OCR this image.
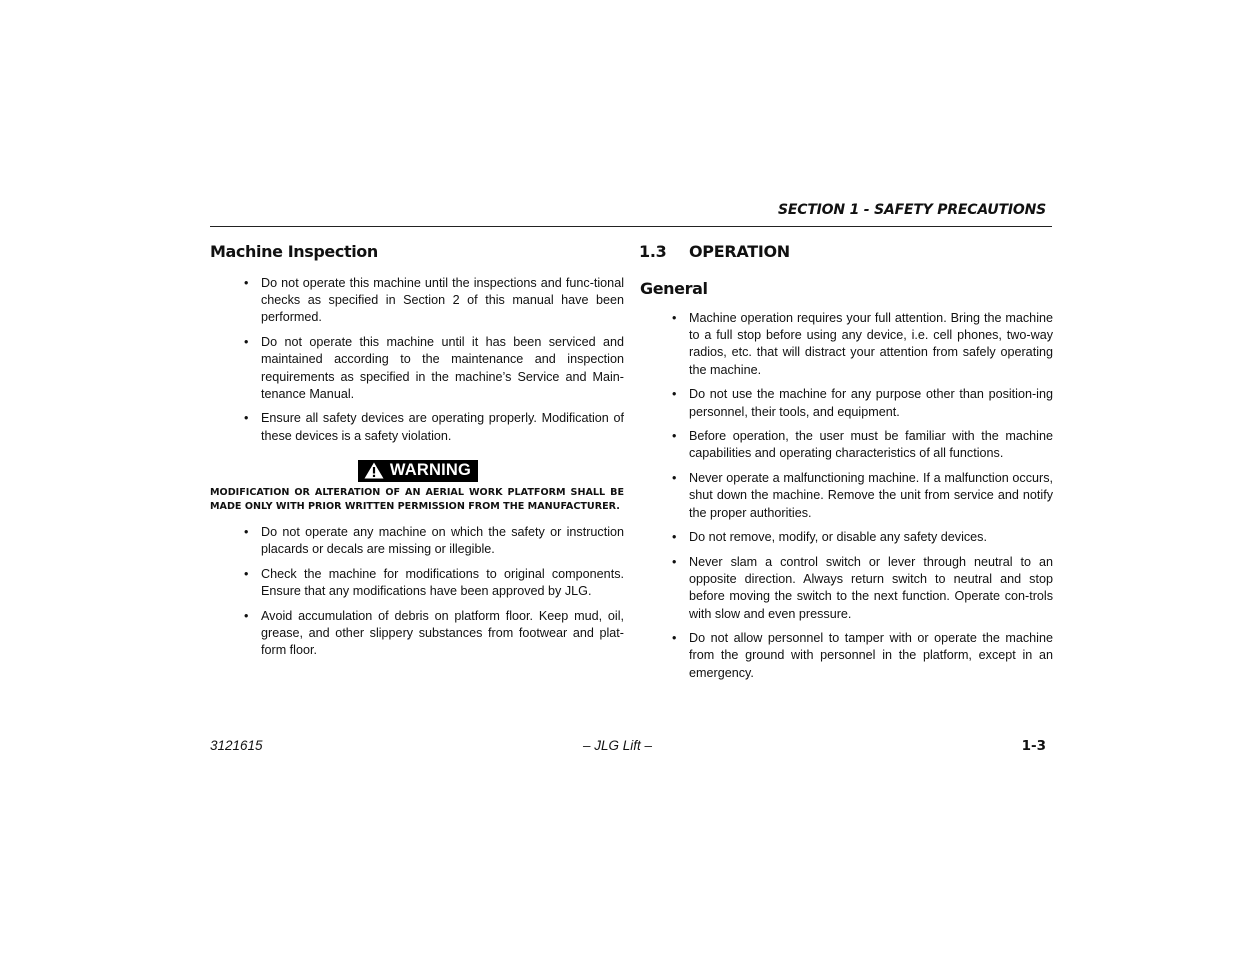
SECTION 1 - SAFETY PRECAUTIONS
Machine Inspection
• Do not operate this machine until the inspections and func-tional checks as specified in Section 2 of this manual have been performed.
• Do not operate this machine until it has been serviced and maintained according to the maintenance and inspection requirements as specified in the machine’s Service and Main-tenance Manual.
• Ensure all safety devices are operating properly. Modification of these devices is a safety violation.
WARNING
MODIFICATION OR ALTERATION OF AN AERIAL WORK PLATFORM SHALL BE MADE ONLY WITH PRIOR WRITTEN PERMISSION FROM THE MANUFACTURER.
• Do not operate any machine on which the safety or instruction placards or decals are missing or illegible.
• Check the machine for modifications to original components. Ensure that any modifications have been approved by JLG.
• Avoid accumulation of debris on platform floor. Keep mud, oil, grease, and other slippery substances from footwear and plat-form floor.
1.3	OPERATION
General
• Machine operation requires your full attention. Bring the machine to a full stop before using any device, i.e. cell phones, two-way radios, etc. that will distract your attention from safely operating the machine.
• Do not use the machine for any purpose other than position-ing personnel, their tools, and equipment.
• Before operation, the user must be familiar with the machine capabilities and operating characteristics of all functions.
• Never operate a malfunctioning machine. If a malfunction occurs, shut down the machine. Remove the unit from service and notify the proper authorities.
• Do not remove, modify, or disable any safety devices.
• Never slam a control switch or lever through neutral to an opposite direction. Always return switch to neutral and stop before moving the switch to the next function. Operate con-trols with slow and even pressure.
• Do not allow personnel to tamper with or operate the machine from the ground with personnel in the platform, except in an emergency.
3121615	– JLG Lift –	1-3
